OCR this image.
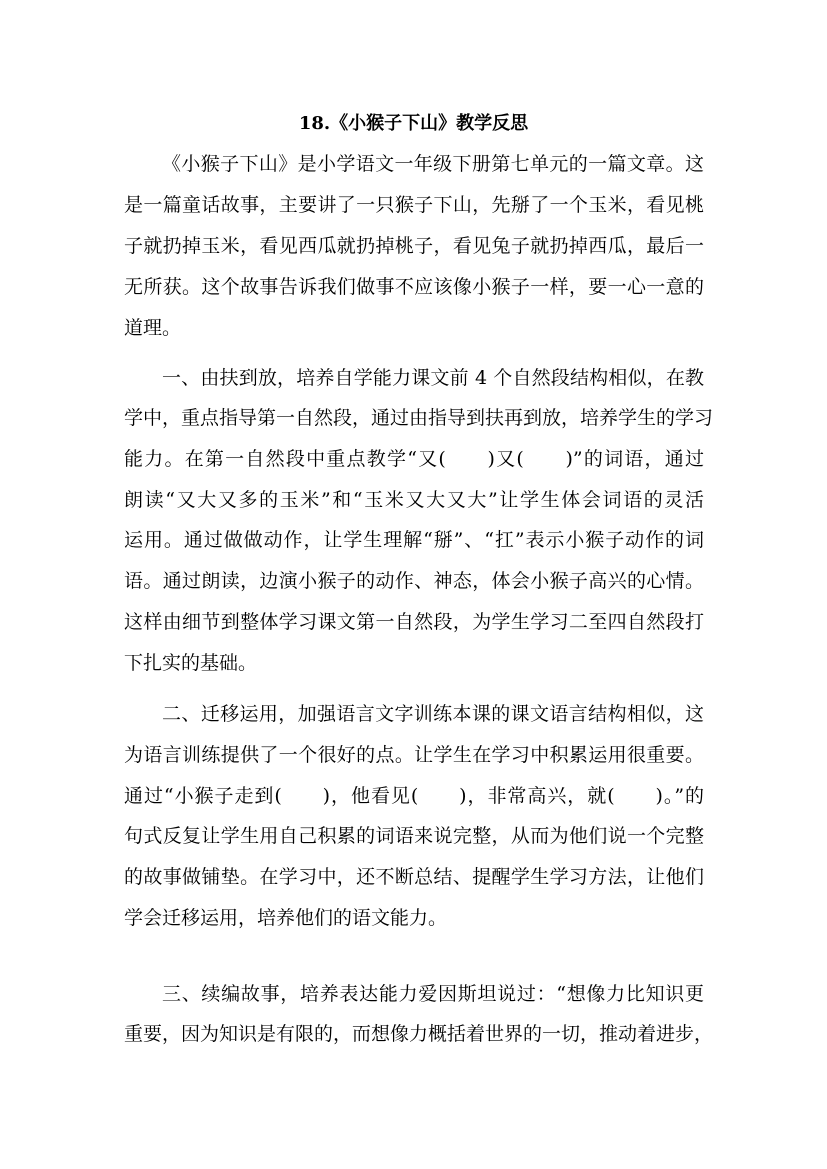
18.《小猴子下山》教学反思
《小猴子下山》是小学语文一年级下册第七单元的一篇文章。这
是一篇童话故事，主要讲了一只猴子下山，先掰了一个玉米，看见桃
子就扔掉玉米，看见西瓜就扔掉桃子，看见兔子就扔掉西瓜，最后一
无所获。这个故事告诉我们做事不应该像小猴子一样，要一心一意的
道理。
一、由扶到放，培养自学能力课文前 4 个自然段结构相似，在教
学中，重点指导第一自然段，通过由指导到扶再到放，培养学生的学习
能力。在第一自然段中重点教学“又(　　)又(　　)”的词语，通过
朗读“又大又多的玉米”和“玉米又大又大”让学生体会词语的灵活
运用。通过做做动作，让学生理解“掰”、“扛”表示小猴子动作的词
语。通过朗读，边演小猴子的动作、神态，体会小猴子高兴的心情。
这样由细节到整体学习课文第一自然段，为学生学习二至四自然段打
下扎实的基础。
二、迁移运用，加强语言文字训练本课的课文语言结构相似，这
为语言训练提供了一个很好的点。让学生在学习中积累运用很重要。
通过“小猴子走到(　　)，他看见(　　)，非常高兴，就(　　)。”的
句式反复让学生用自己积累的词语来说完整，从而为他们说一个完整
的故事做铺垫。在学习中，还不断总结、提醒学生学习方法，让他们
学会迁移运用，培养他们的语文能力。
三、续编故事，培养表达能力爱因斯坦说过：“想像力比知识更
重要，因为知识是有限的，而想像力概括着世界的一切，推动着进步，
